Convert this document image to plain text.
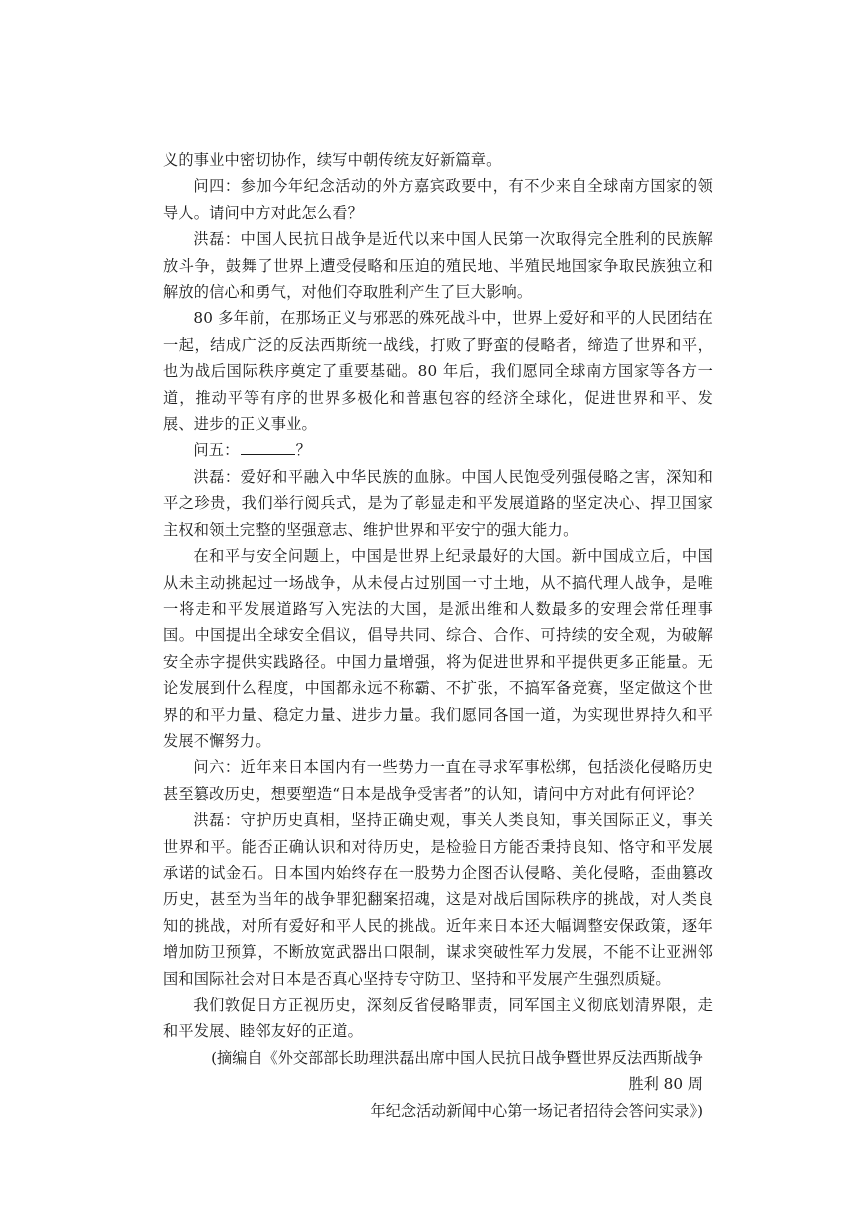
义的事业中密切协作，续写中朝传统友好新篇章。

问四：参加今年纪念活动的外方嘉宾政要中，有不少来自全球南方国家的领导人。请问中方对此怎么看？

洪磊：中国人民抗日战争是近代以来中国人民第一次取得完全胜利的民族解放斗争，鼓舞了世界上遭受侵略和压迫的殖民地、半殖民地国家争取民族独立和解放的信心和勇气，对他们夺取胜利产生了巨大影响。

80 多年前，在那场正义与邪恶的殊死战斗中，世界上爱好和平的人民团结在一起，结成广泛的反法西斯统一战线，打败了野蛮的侵略者，缔造了世界和平，也为战后国际秩序奠定了重要基础。80 年后，我们愿同全球南方国家等各方一道，推动平等有序的世界多极化和普惠包容的经济全球化，促进世界和平、发展、进步的正义事业。

问五：	？

洪磊：爱好和平融入中华民族的血脉。中国人民饱受列强侵略之害，深知和平之珍贵，我们举行阅兵式，是为了彰显走和平发展道路的坚定决心、捍卫国家主权和领土完整的坚强意志、维护世界和平安宁的强大能力。

在和平与安全问题上，中国是世界上纪录最好的大国。新中国成立后，中国从未主动挑起过一场战争，从未侵占过别国一寸土地，从不搞代理人战争，是唯一将走和平发展道路写入宪法的大国，是派出维和人数最多的安理会常任理事国。中国提出全球安全倡议，倡导共同、综合、合作、可持续的安全观，为破解安全赤字提供实践路径。中国力量增强，将为促进世界和平提供更多正能量。无论发展到什么程度，中国都永远不称霸、不扩张，不搞军备竞赛，坚定做这个世界的和平力量、稳定力量、进步力量。我们愿同各国一道，为实现世界持久和平发展不懈努力。

问六：近年来日本国内有一些势力一直在寻求军事松绑，包括淡化侵略历史甚至篡改历史，想要塑造“日本是战争受害者”的认知，请问中方对此有何评论？

洪磊：守护历史真相，坚持正确史观，事关人类良知，事关国际正义，事关世界和平。能否正确认识和对待历史，是检验日方能否秉持良知、恪守和平发展承诺的试金石。日本国内始终存在一股势力企图否认侵略、美化侵略，歪曲篡改历史，甚至为当年的战争罪犯翻案招魂，这是对战后国际秩序的挑战，对人类良知的挑战，对所有爱好和平人民的挑战。近年来日本还大幅调整安保政策，逐年增加防卫预算，不断放宽武器出口限制，谋求突破性军力发展，不能不让亚洲邻国和国际社会对日本是否真心坚持专守防卫、坚持和平发展产生强烈质疑。

我们敦促日方正视历史，深刻反省侵略罪责，同军国主义彻底划清界限，走和平发展、睦邻友好的正道。

(摘编自《外交部部长助理洪磊出席中国人民抗日战争暨世界反法西斯战争胜利 80 周
年纪念活动新闻中心第一场记者招待会答问实录》)
